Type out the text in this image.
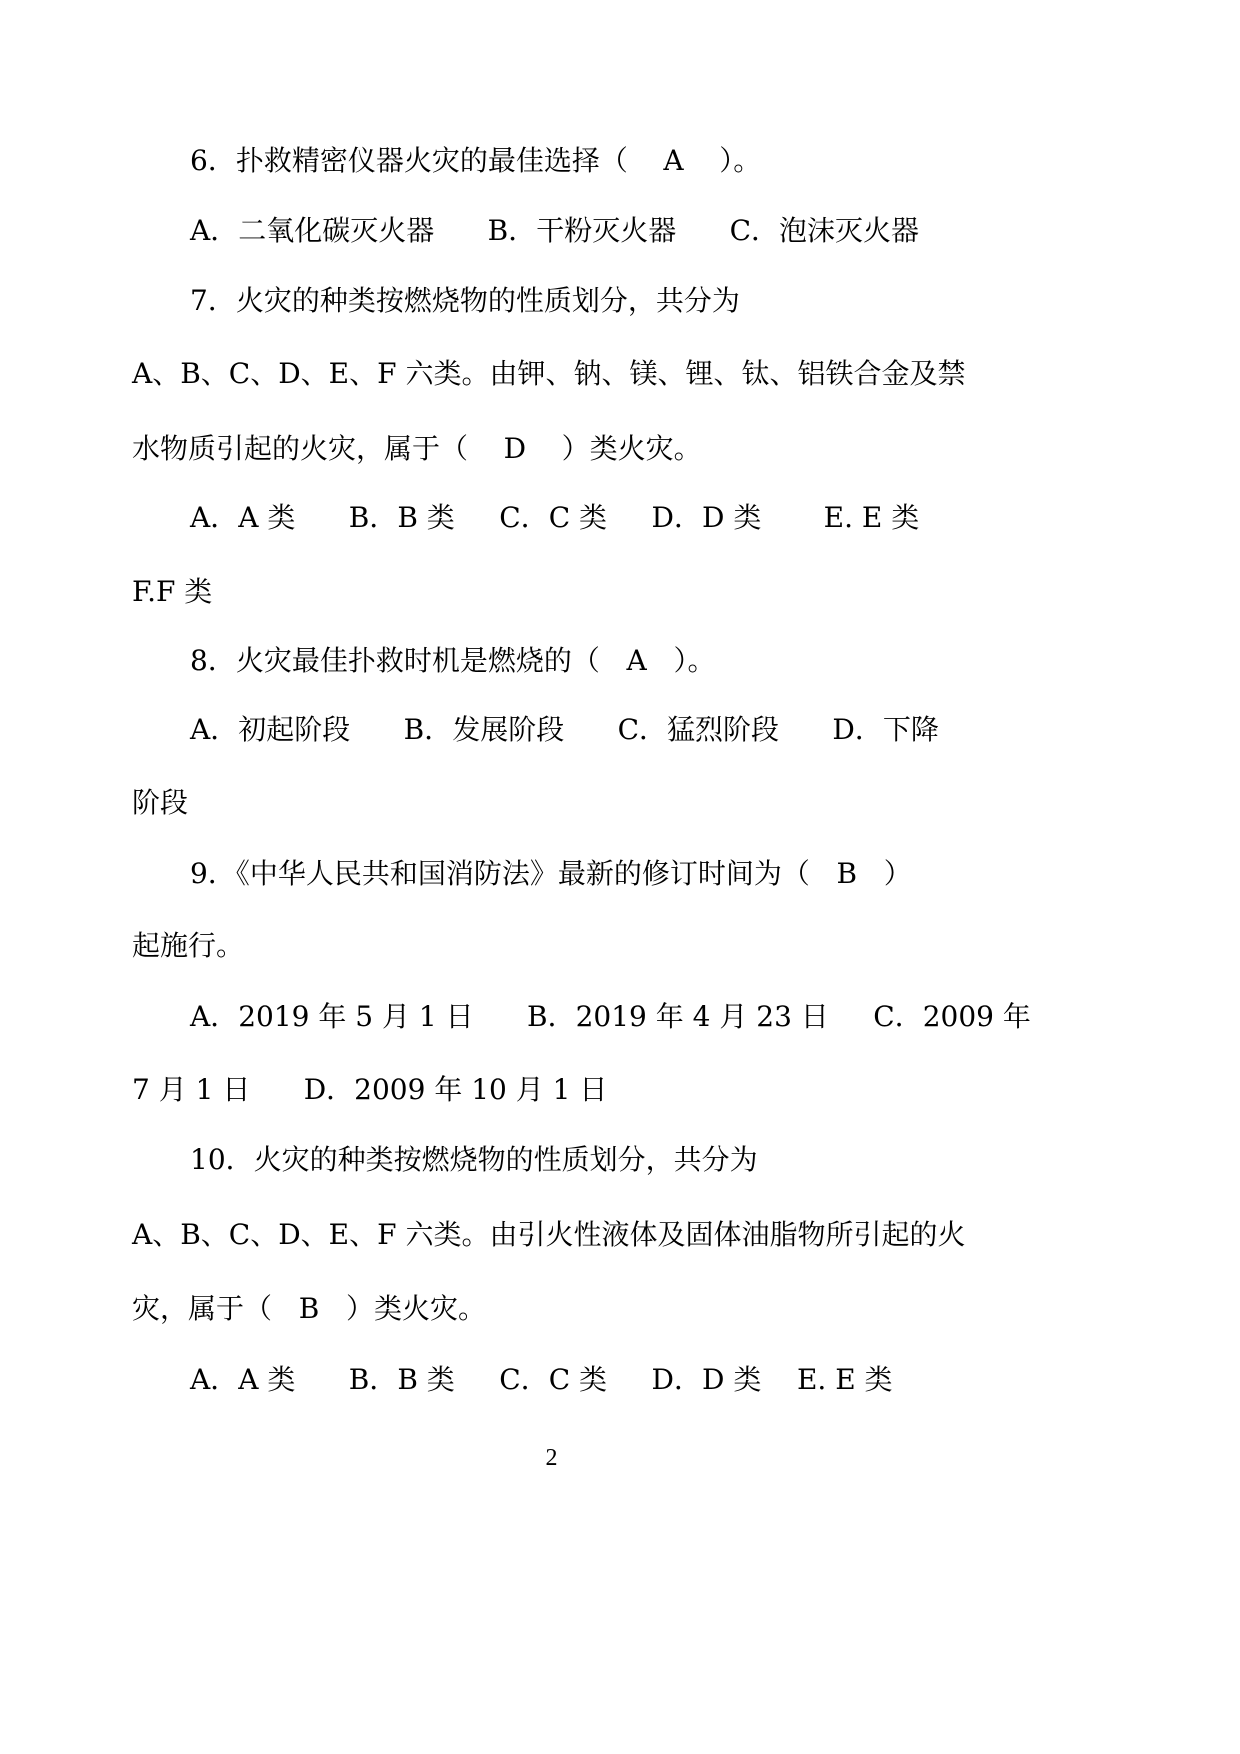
6．扑救精密仪器火灾的最佳选择（    A    ）。
A．二氧化碳灭火器      B．干粉灭火器      C．泡沫灭火器
7．火灾的种类按燃烧物的性质划分，共分为
A、B、C、D、E、F 六类。由钾、钠、镁、锂、钛、铝铁合金及禁
水物质引起的火灾，属于（    D    ）类火灾。
A．A 类      B．B 类     C．C 类     D．D 类       E. E 类
F.F 类
8．火灾最佳扑救时机是燃烧的（   A   ）。
A．初起阶段      B．发展阶段      C．猛烈阶段      D．下降
阶段
9．《中华人民共和国消防法》最新的修订时间为（   B   ）
起施行。
A．2019 年 5 月 1 日      B．2019 年 4 月 23 日     C．2009 年
7 月 1 日      D．2009 年 10 月 1 日
10．火灾的种类按燃烧物的性质划分，共分为
A、B、C、D、E、F 六类。由引火性液体及固体油脂物所引起的火
灾，属于（   B   ）类火灾。
A．A 类      B．B 类     C．C 类     D．D 类    E. E 类
2
